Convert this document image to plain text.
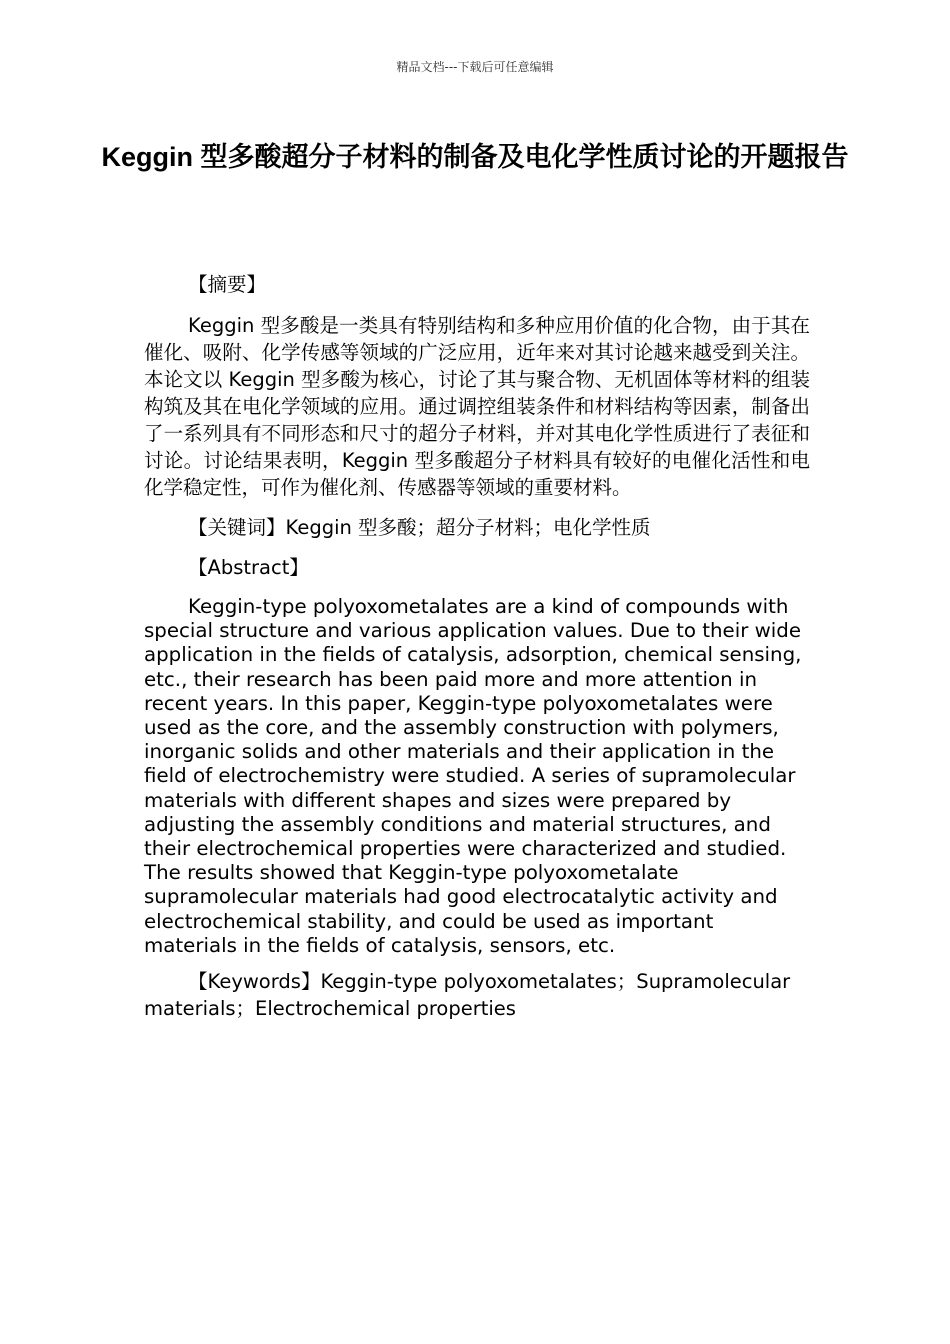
精品文档---下载后可任意编辑
Keggin 型多酸超分子材料的制备及电化学性质讨论的开题报告
【摘要】

Keggin 型多酸是一类具有特别结构和多种应用价值的化合物，由于其在催化、吸附、化学传感等领域的广泛应用，近年来对其讨论越来越受到关注。本论文以 Keggin 型多酸为核心，讨论了其与聚合物、无机固体等材料的组装构筑及其在电化学领域的应用。通过调控组装条件和材料结构等因素，制备出了一系列具有不同形态和尺寸的超分子材料，并对其电化学性质进行了表征和讨论。讨论结果表明，Keggin 型多酸超分子材料具有较好的电催化活性和电化学稳定性，可作为催化剂、传感器等领域的重要材料。

【关键词】Keggin 型多酸；超分子材料；电化学性质
【Abstract】

Keggin-type polyoxometalates are a kind of compounds with special structure and various application values. Due to their wide application in the fields of catalysis, adsorption, chemical sensing, etc., their research has been paid more and more attention in recent years. In this paper, Keggin-type polyoxometalates were used as the core, and the assembly construction with polymers, inorganic solids and other materials and their application in the field of electrochemistry were studied. A series of supramolecular materials with different shapes and sizes were prepared by adjusting the assembly conditions and material structures, and their electrochemical properties were characterized and studied. The results showed that Keggin-type polyoxometalate supramolecular materials had good electrocatalytic activity and electrochemical stability, and could be used as important materials in the fields of catalysis, sensors, etc.

【Keywords】Keggin-type polyoxometalates；Supramolecular materials；Electrochemical properties
